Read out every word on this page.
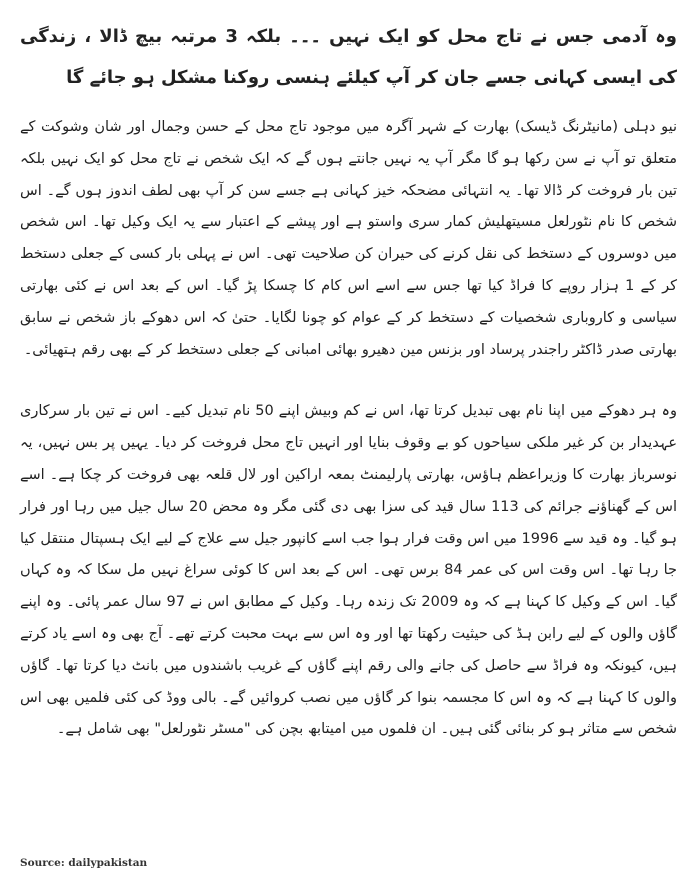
وہ آدمی جس نے تاج محل کو ایک نہیں ۔۔۔ بلکہ 3 مرتبہ بیچ ڈالا ، زندگی کی ایسی کہانی جسے جان کر آپ کیلئے ہنسی روکنا مشکل ہو جائے گا

نیو دہلی (مانیٹرنگ ڈیسک) بھارت کے شہر آگرہ میں موجود تاج محل کے حسن وجمال اور شان وشوکت کے متعلق تو آپ نے سن رکھا ہو گا مگر آپ یہ نہیں جانتے ہوں گے کہ ایک شخص نے تاج محل کو ایک نہیں بلکہ تین بار فروخت کر ڈالا تھا۔ یہ انتہائی مضحکہ خیز کہانی ہے جسے سن کر آپ بھی لطف اندوز ہوں گے۔ اس شخص کا نام نٹورلعل مسیتھلیش کمار سری واستو ہے اور پیشے کے اعتبار سے یہ ایک وکیل تھا۔ اس شخص میں دوسروں کے دستخط کی نقل کرنے کی حیران کن صلاحیت تھی۔ اس نے پہلی بار کسی کے جعلی دستخط کر کے 1 ہزار روپے کا فراڈ کیا تھا جس سے اسے اس کام کا چسکا پڑ گیا۔ اس کے بعد اس نے کئی بھارتی سیاسی و کاروباری شخصیات کے دستخط کر کے عوام کو چونا لگایا۔ حتیٰ کہ اس دھوکے باز شخص نے سابق بھارتی صدر ڈاکٹر راجندر پرساد اور بزنس مین دھیرو بھائی امبانی کے جعلی دستخط کر کے بھی رقم ہتھیائی۔

وہ ہر دھوکے میں اپنا نام بھی تبدیل کرتا تھا، اس نے کم وبیش اپنے 50 نام تبدیل کیے۔ اس نے تین بار سرکاری عہدیدار بن کر غیر ملکی سیاحوں کو بے وقوف بنایا اور انہیں تاج محل فروخت کر دیا۔ یہیں پر بس نہیں، یہ نوسرباز بھارت کا وزیراعظم ہاؤس، بھارتی پارلیمنٹ بمعہ اراکین اور لال قلعہ بھی فروخت کر چکا ہے۔ اسے اس کے گھناؤنے جرائم کی 113 سال قید کی سزا بھی دی گئی مگر وہ محض 20 سال جیل میں رہا اور فرار ہو گیا۔ وہ قید سے 1996 میں اس وقت فرار ہوا جب اسے کانپور جیل سے علاج کے لیے ایک ہسپتال منتقل کیا جا رہا تھا۔ اس وقت اس کی عمر 84 برس تھی۔ اس کے بعد اس کا کوئی سراغ نہیں مل سکا کہ وہ کہاں گیا۔ اس کے وکیل کا کہنا ہے کہ وہ 2009 تک زندہ رہا۔ وکیل کے مطابق اس نے 97 سال عمر پائی۔ وہ اپنے گاؤں والوں کے لیے رابن ہڈ کی حیثیت رکھتا تھا اور وہ اس سے بہت محبت کرتے تھے۔ آج بھی وہ اسے یاد کرتے ہیں، کیونکہ وہ فراڈ سے حاصل کی جانے والی رقم اپنے گاؤں کے غریب باشندوں میں بانٹ دیا کرتا تھا۔ گاؤں والوں کا کہنا ہے کہ وہ اس کا مجسمہ بنوا کر گاؤں میں نصب کروائیں گے۔ بالی ووڈ کی کئی فلمیں بھی اس شخص سے متاثر ہو کر بنائی گئی ہیں۔ ان فلموں میں امیتابھ بچن کی "مسٹر نٹورلعل" بھی شامل ہے۔

Source: dailypakistan
